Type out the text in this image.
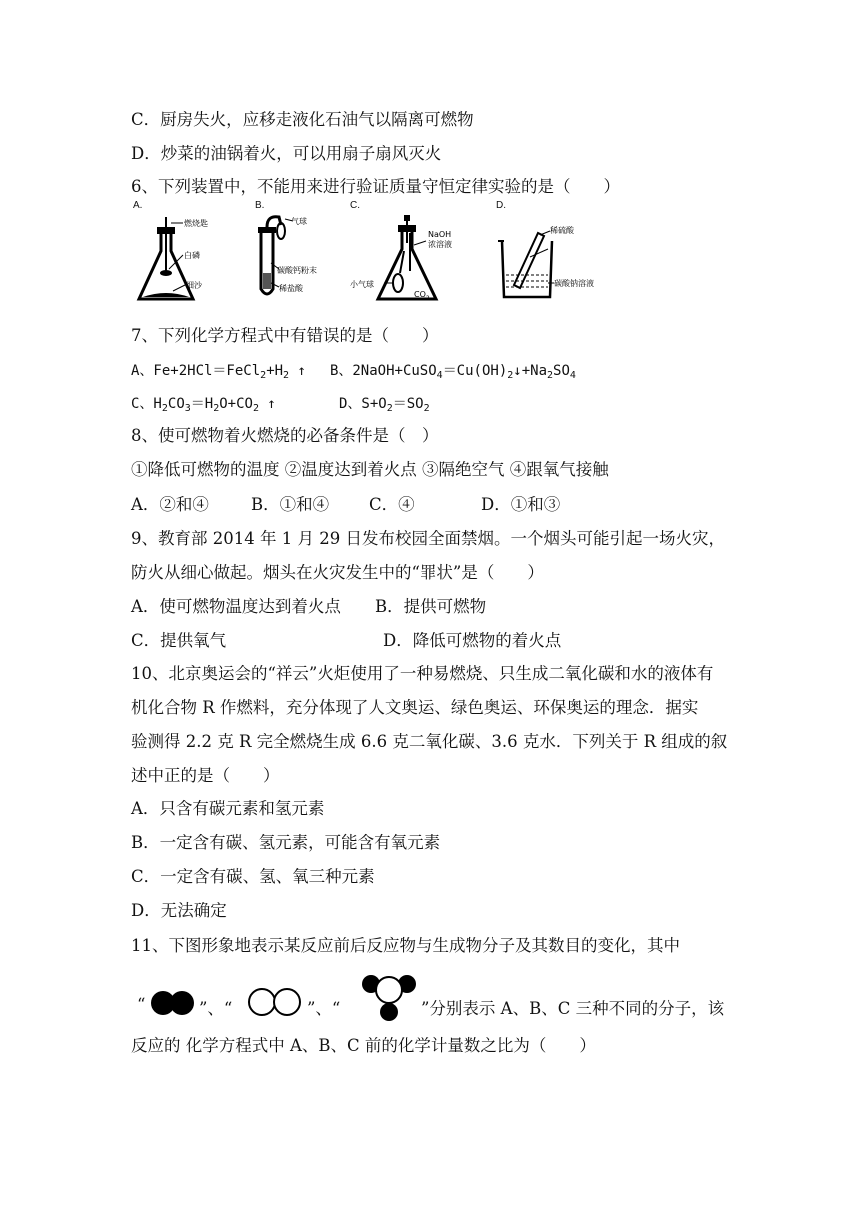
C．厨房失火，应移走液化石油气以隔离可燃物
D．炒菜的油锅着火，可以用扇子扇风灭火
6、下列装置中，不能用来进行验证质量守恒定律实验的是（　　）
A.
燃烧匙
白磷
细沙
B.
气球
碳酸钙粉末
稀盐酸
C.
NaOH
浓溶液
小气球
$CO_2$
D.
稀硫酸
碳酸钠溶液
7、下列化学方程式中有错误的是（　　）
A、$Fe+2HCl=FeCl_2+H_2$ ↑ B、$2NaOH+CuSO_4=Cu(OH)_2↓+Na_2SO_4$
C、$H_2CO_3=H_2O+CO_2$ ↑	D、$S+O_2=SO_2$
8、使可燃物着火燃烧的必备条件是（　）
①降低可燃物的温度 ②温度达到着火点 ③隔绝空气 ④跟氧气接触
A．②和④	B．①和④ C．④	D．①和③
9、教育部 2014 年 1 月 29 日发布校园全面禁烟。一个烟头可能引起一场火灾，
防火从细心做起。烟头在火灾发生中的“罪状”是（　　）
A．使可燃物温度达到着火点 B．提供可燃物
C．提供氧气	D．降低可燃物的着火点
10、北京奥运会的“祥云”火炬使用了一种易燃烧、只生成二氧化碳和水的液体有
机化合物 R 作燃料，充分体现了人文奥运、绿色奥运、环保奥运的理念．据实
验测得 2.2 克 R 完全燃烧生成 6.6 克二氧化碳、3.6 克水．下列关于 R 组成的叙
述中正的是（　　）
A．只含有碳元素和氢元素
B．一定含有碳、氢元素，可能含有氧元素
C．一定含有碳、氢、氧三种元素
D．无法确定
11、下图形象地表示某反应前后反应物与生成物分子及其数目的变化，其中
“	”、“	”、“	”分别表示 A、B、C 三种不同的分子，该
反应的 化学方程式中 A、B、C 前的化学计量数之比为（　　）
